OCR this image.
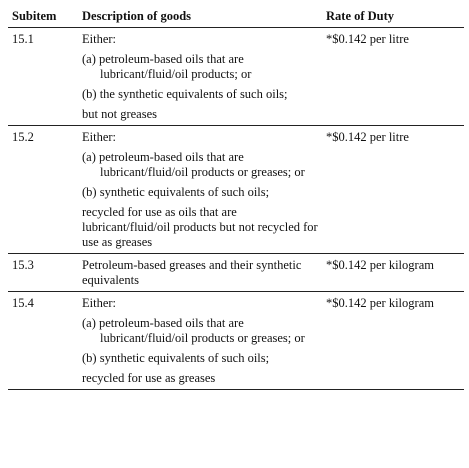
Subitem	Description of goods	Rate of Duty
15.1	Either:
(a) petroleum-based oils that are lubricant/fluid/oil products; or
(b) the synthetic equivalents of such oils;
but not greases	*$0.142 per litre
15.2	Either:
(a) petroleum-based oils that are lubricant/fluid/oil products or greases; or
(b) synthetic equivalents of such oils;
recycled for use as oils that are lubricant/fluid/oil products but not recycled for use as greases	*$0.142 per litre
15.3	Petroleum-based greases and their synthetic equivalents	*$0.142 per kilogram
15.4	Either:
(a) petroleum-based oils that are lubricant/fluid/oil products or greases; or
(b) synthetic equivalents of such oils;
recycled for use as greases	*$0.142 per kilogram
